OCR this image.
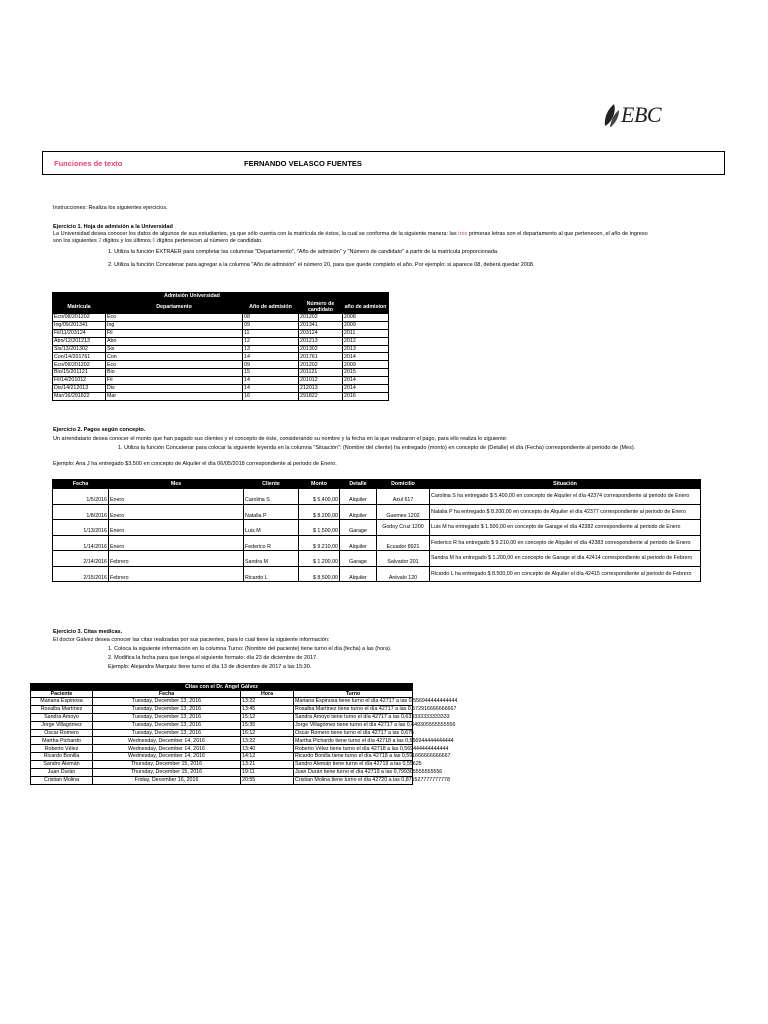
EBC
Funciones de texto	FERNANDO VELASCO FUENTES
Instrucciones: Realiza los siguientes ejercicios.
Ejercicio 1. Hoja de admisión a la Universidad
La Universidad desea conocer los datos de algunos de sus estudiantes, ya que sólo cuenta con la matrícula de éstos, la cual se conforma de la siguiente manera: las tres primeras letras son el departamento al que pertenecen, el año de ingreso son los siguientes 2 dígitos y los últimos 6 dígitos pertenecen al número de candidato.
1. Utiliza la función EXTRAER para completar las columnas "Departamento", "Año de admisión" y "Número de candidato" a partir de la matrícula proporcionada.
2. Utiliza la función Concatenar para agregar a la columna "Año de admisión" el número 20, para que quede completo el año. Por ejemplo: si aparece 08, deberá quedar 2008.
	Admisión Universidad			
Matrícula	Departamento	Año de admisión	Número de candidato	año de admision
Eco/08/201202	Eco	08	201202	2008
Ing/09/201341	Ing	09	201341	2009
Fil/11/203124	Fil	11	203124	2011
Abo/12/201213	Abo	12	201213	2012
Sis/13/201302	Sis	13	201302	2013
Con/14/201761	Con	14	201761	2014
Eco/09/201202	Eco	09	201202	2009
Bio/15/201121	Bio	15	201121	2015
Fil/14/201012	Fil	14	201012	2014
Dis/14/212013	Dis	14	212013	2014
Mar/16/291822	Mar	16	291822	2016
Ejercicio 2. Pagos según concepto.
Un arrendatario desea conocer el monto que han pagado sus clientes y el concepto de éste, considerando su nombre y la fecha en la que realizaron el pago, para ello realiza lo siguiente:
1. Utiliza la función Concatenar para colocar la siguiente leyenda en la columna "Situación": (Nombre del cliente) ha entregado (monto) en concepto de (Detalle) el día (Fecha) correspondiente al periodo de (Mes).
Ejemplo: Ana J ha entregado $3,500 en concepto de Alquiler el día 06/05/2018 correspondiente al periodo de Enero.
Fecha	Mes	Cliente	Monto	Detalle	Domicilio	Situación
1/5/2016	Enero	Carolina S	$ 5.400,00	Alquiler	Azul 617	Carolina S ha entregado $ 5.400,00 en concepto de Alquiler el día 42374 correspondiente al periodo de Enero
1/8/2016	Enero	Natalia P	$ 8.200,00	Alquiler	Guemes 1202	Natalia P ha entregado $ 8.200,00 en concepto de Alquiler el día 42377 correspondiente al periodo de Enero
1/13/2016	Enero	Luis M	$ 1.500,00	Garage	Godoy Cruz 1200	Luis M ha entregado $ 1.500,00 en concepto de Garage el día 42382 correspondiente al periodo de Enero
1/14/2016	Enero	Federico R	$ 9.210,00	Alquiler	Ecuador 8921	Federico R ha entregado $ 9.210,00 en concepto de Alquiler el día 42383 correspondiente al periodo de Enero
2/14/2016	Febrero	Sandra M	$ 1.200,00	Garage	Salvador 201	Sandra M ha entregado $ 1.200,00 en concepto de Garage el día 42414 correspondiente al periodo de Febrero
2/15/2016	Febrero	Ricardo L	$ 8.500,00	Alquiler	Arévalo 120	Ricardo L ha entregado $ 8.500,00 en concepto de Alquiler el día 42415 correspondiente al periodo de Febrero
Ejercicio 3. Citas medicas.
El doctor Gálvez desea conocer las citas realizadas por sus pacientes, para lo cual tiene la siguiente información:
1. Coloca la siguiente información en la columna Turno: (Nombre del paciente) tiene turno el día (fecha) a las (hora).
2. Modifica la fecha para que tenga el siguiente formato: día 23 de diciembre de 2017.
Ejemplo: Alejandra Marquéz tiene turno el día 13 de diciembre de 2017 a las 15:30.
Citas con el Dr. Angel Gálvez			
Paciente	Fecha	Hora	Turno
Mariana Espinosa	Tuesday, December 13, 2016	13:22	Mariana Espinosa tiene turno el día 42717 a las 0,556944444444444
Rosalba Martínez	Tuesday, December 13, 2016	13:45	Rosalba Martínez tiene turno el día 42717 a las 0,572916666666667
Sandra Amoyo	Tuesday, December 13, 2016	15:12	Sandra Amoyo tiene turno el día 42717 a las 0,633333333333333
Jorge Villagómez	Tuesday, December 13, 2016	15:35	Jorge Villagómez tiene turno el día 42717 a las 0,649305555555556
Oscar Romero	Tuesday, December 13, 2016	16:12	Oscar Romero tiene turno el día 42717 a las 0,675
Martha Pichardo	Wednesday, December 14, 2016	13:22	Martha Pichardo tiene turno el día 42718 a las 0,556944444444444
Roberto Vélez	Wednesday, December 14, 2016	13:40	Roberto Vélez tiene turno el día 42718 a las 0,569444444444444
Ricardo Bonilla	Wednesday, December 14, 2016	14:12	Ricardo Bonilla tiene turno el día 42718 a las 0,591666666666667
Sandro Alemán	Thursday, December 15, 2016	13:21	Sandro Alemán tiene turno el día 42719 a las 0,55625
Juan Durán	Thursday, December 15, 2016	19:11	Juan Durán tiene turno el día 42719 a las 0,799305555555556
Cristian Molina	Friday, December 16, 2016	20:55	Cristian Molina tiene turno el día 42720 a las 0,871527777777778
